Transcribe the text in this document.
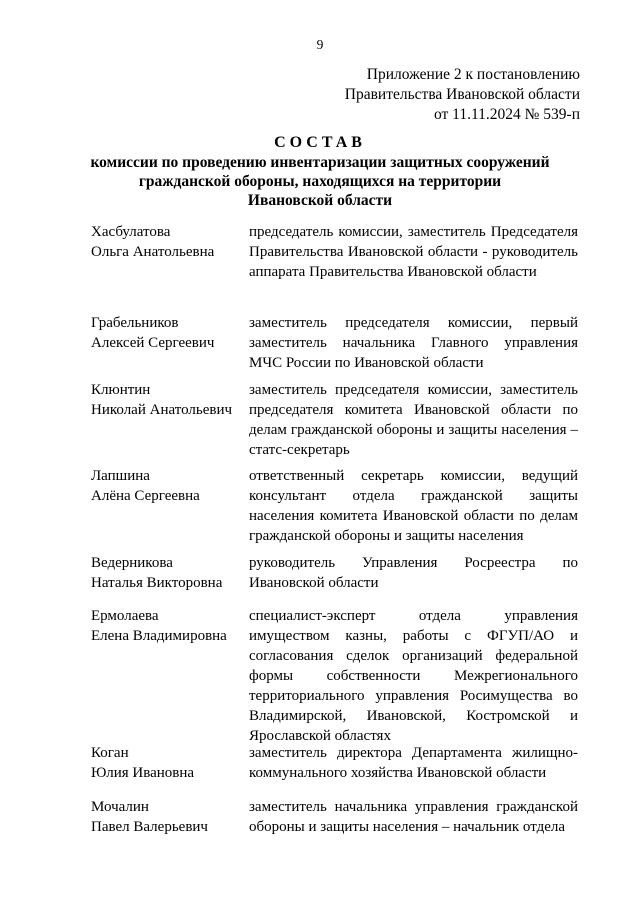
9
Приложение 2 к постановлению
Правительства Ивановской области
от 11.11.2024 № 539-п
СОСТАВ
комиссии по проведению инвентаризации защитных сооружений
гражданской обороны, находящихся на территории
Ивановской области
Хасбулатова
Ольга Анатольевна
председатель комиссии, заместитель Председателя Правительства Ивановской области - руководитель аппарата Правительства Ивановской области
Грабельников
Алексей Сергеевич
заместитель председателя комиссии, первый заместитель начальника Главного управления МЧС России по Ивановской области
Клюнтин
Николай Анатольевич
заместитель председателя комиссии, заместитель председателя комитета Ивановской области по делам гражданской обороны и защиты населения – статс-секретарь
Лапшина
Алёна Сергеевна
ответственный секретарь комиссии, ведущий консультант отдела гражданской защиты населения комитета Ивановской области по делам гражданской обороны и защиты населения
Ведерникова
Наталья Викторовна
руководитель Управления Росреестра по Ивановской области
Ермолаева
Елена Владимировна
специалист-эксперт отдела управления имуществом казны, работы с ФГУП/АО и согласования сделок организаций федеральной формы собственности Межрегионального территориального управления Росимущества во Владимирской, Ивановской, Костромской и Ярославской областях
Коган
Юлия Ивановна
заместитель директора Департамента жилищно-коммунального хозяйства Ивановской области
Мочалин
Павел Валерьевич
заместитель начальника управления гражданской обороны и защиты населения – начальник отдела
